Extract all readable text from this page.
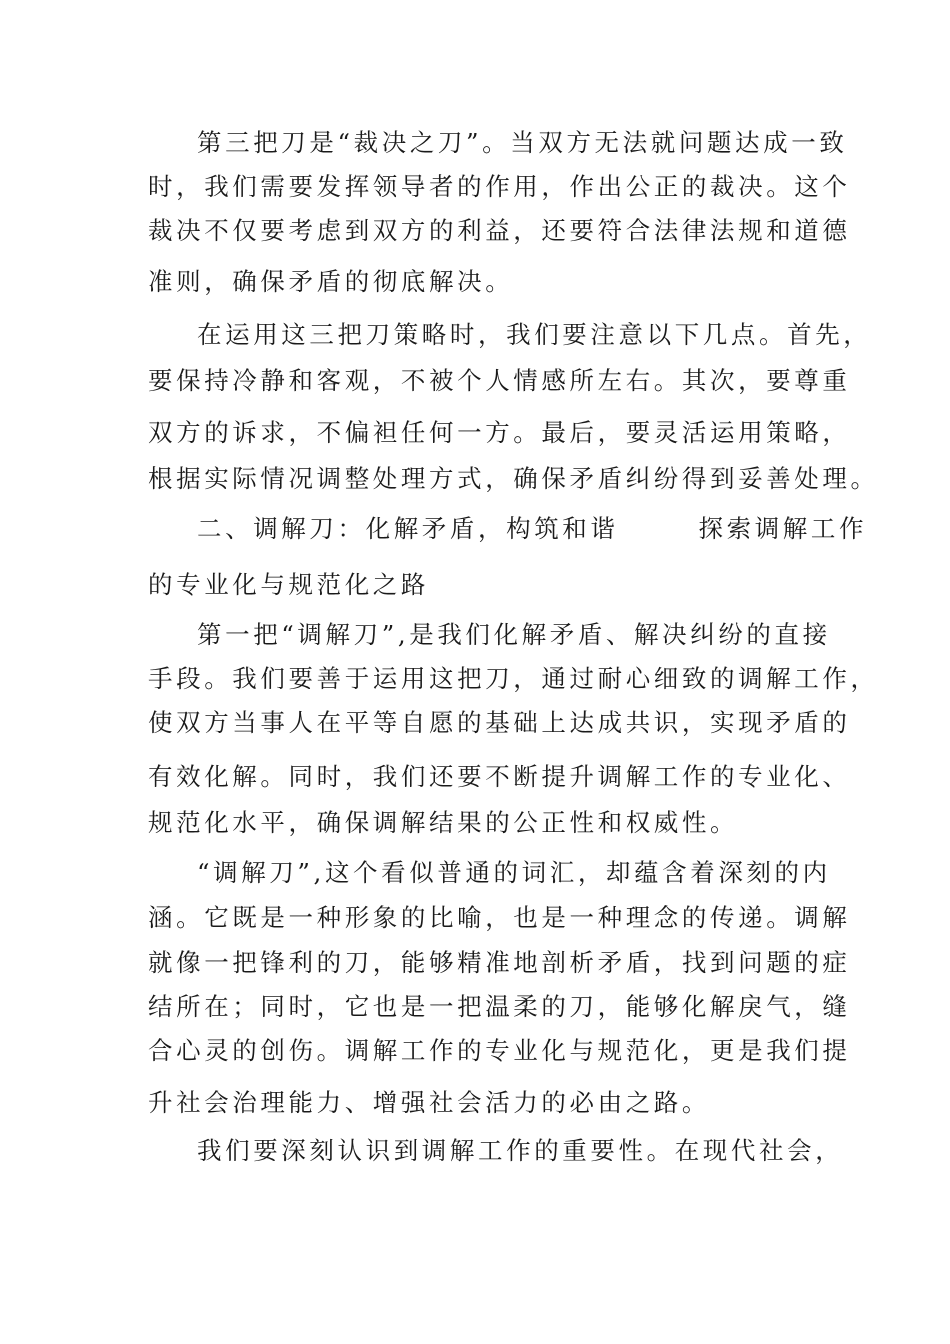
第三把刀是“裁决之刀”。当双方无法就问题达成一致
时，我们需要发挥领导者的作用，作出公正的裁决。这个
裁决不仅要考虑到双方的利益，还要符合法律法规和道德
准则，确保矛盾的彻底解决。
在运用这三把刀策略时，我们要注意以下几点。首先，
要保持冷静和客观，不被个人情感所左右。其次，要尊重
双方的诉求，不偏袒任何一方。最后，要灵活运用策略，
根据实际情况调整处理方式，确保矛盾纠纷得到妥善处理。
二、调解刀：化解矛盾，构筑和谐	探索调解工作
的专业化与规范化之路
第一把“调解刀”,是我们化解矛盾、解决纠纷的直接
手段。我们要善于运用这把刀，通过耐心细致的调解工作，
使双方当事人在平等自愿的基础上达成共识，实现矛盾的
有效化解。同时，我们还要不断提升调解工作的专业化、
规范化水平，确保调解结果的公正性和权威性。
“调解刀”,这个看似普通的词汇，却蕴含着深刻的内
涵。它既是一种形象的比喻，也是一种理念的传递。调解
就像一把锋利的刀，能够精准地剖析矛盾，找到问题的症
结所在；同时，它也是一把温柔的刀，能够化解戾气，缝
合心灵的创伤。调解工作的专业化与规范化，更是我们提
升社会治理能力、增强社会活力的必由之路。
我们要深刻认识到调解工作的重要性。在现代社会，
